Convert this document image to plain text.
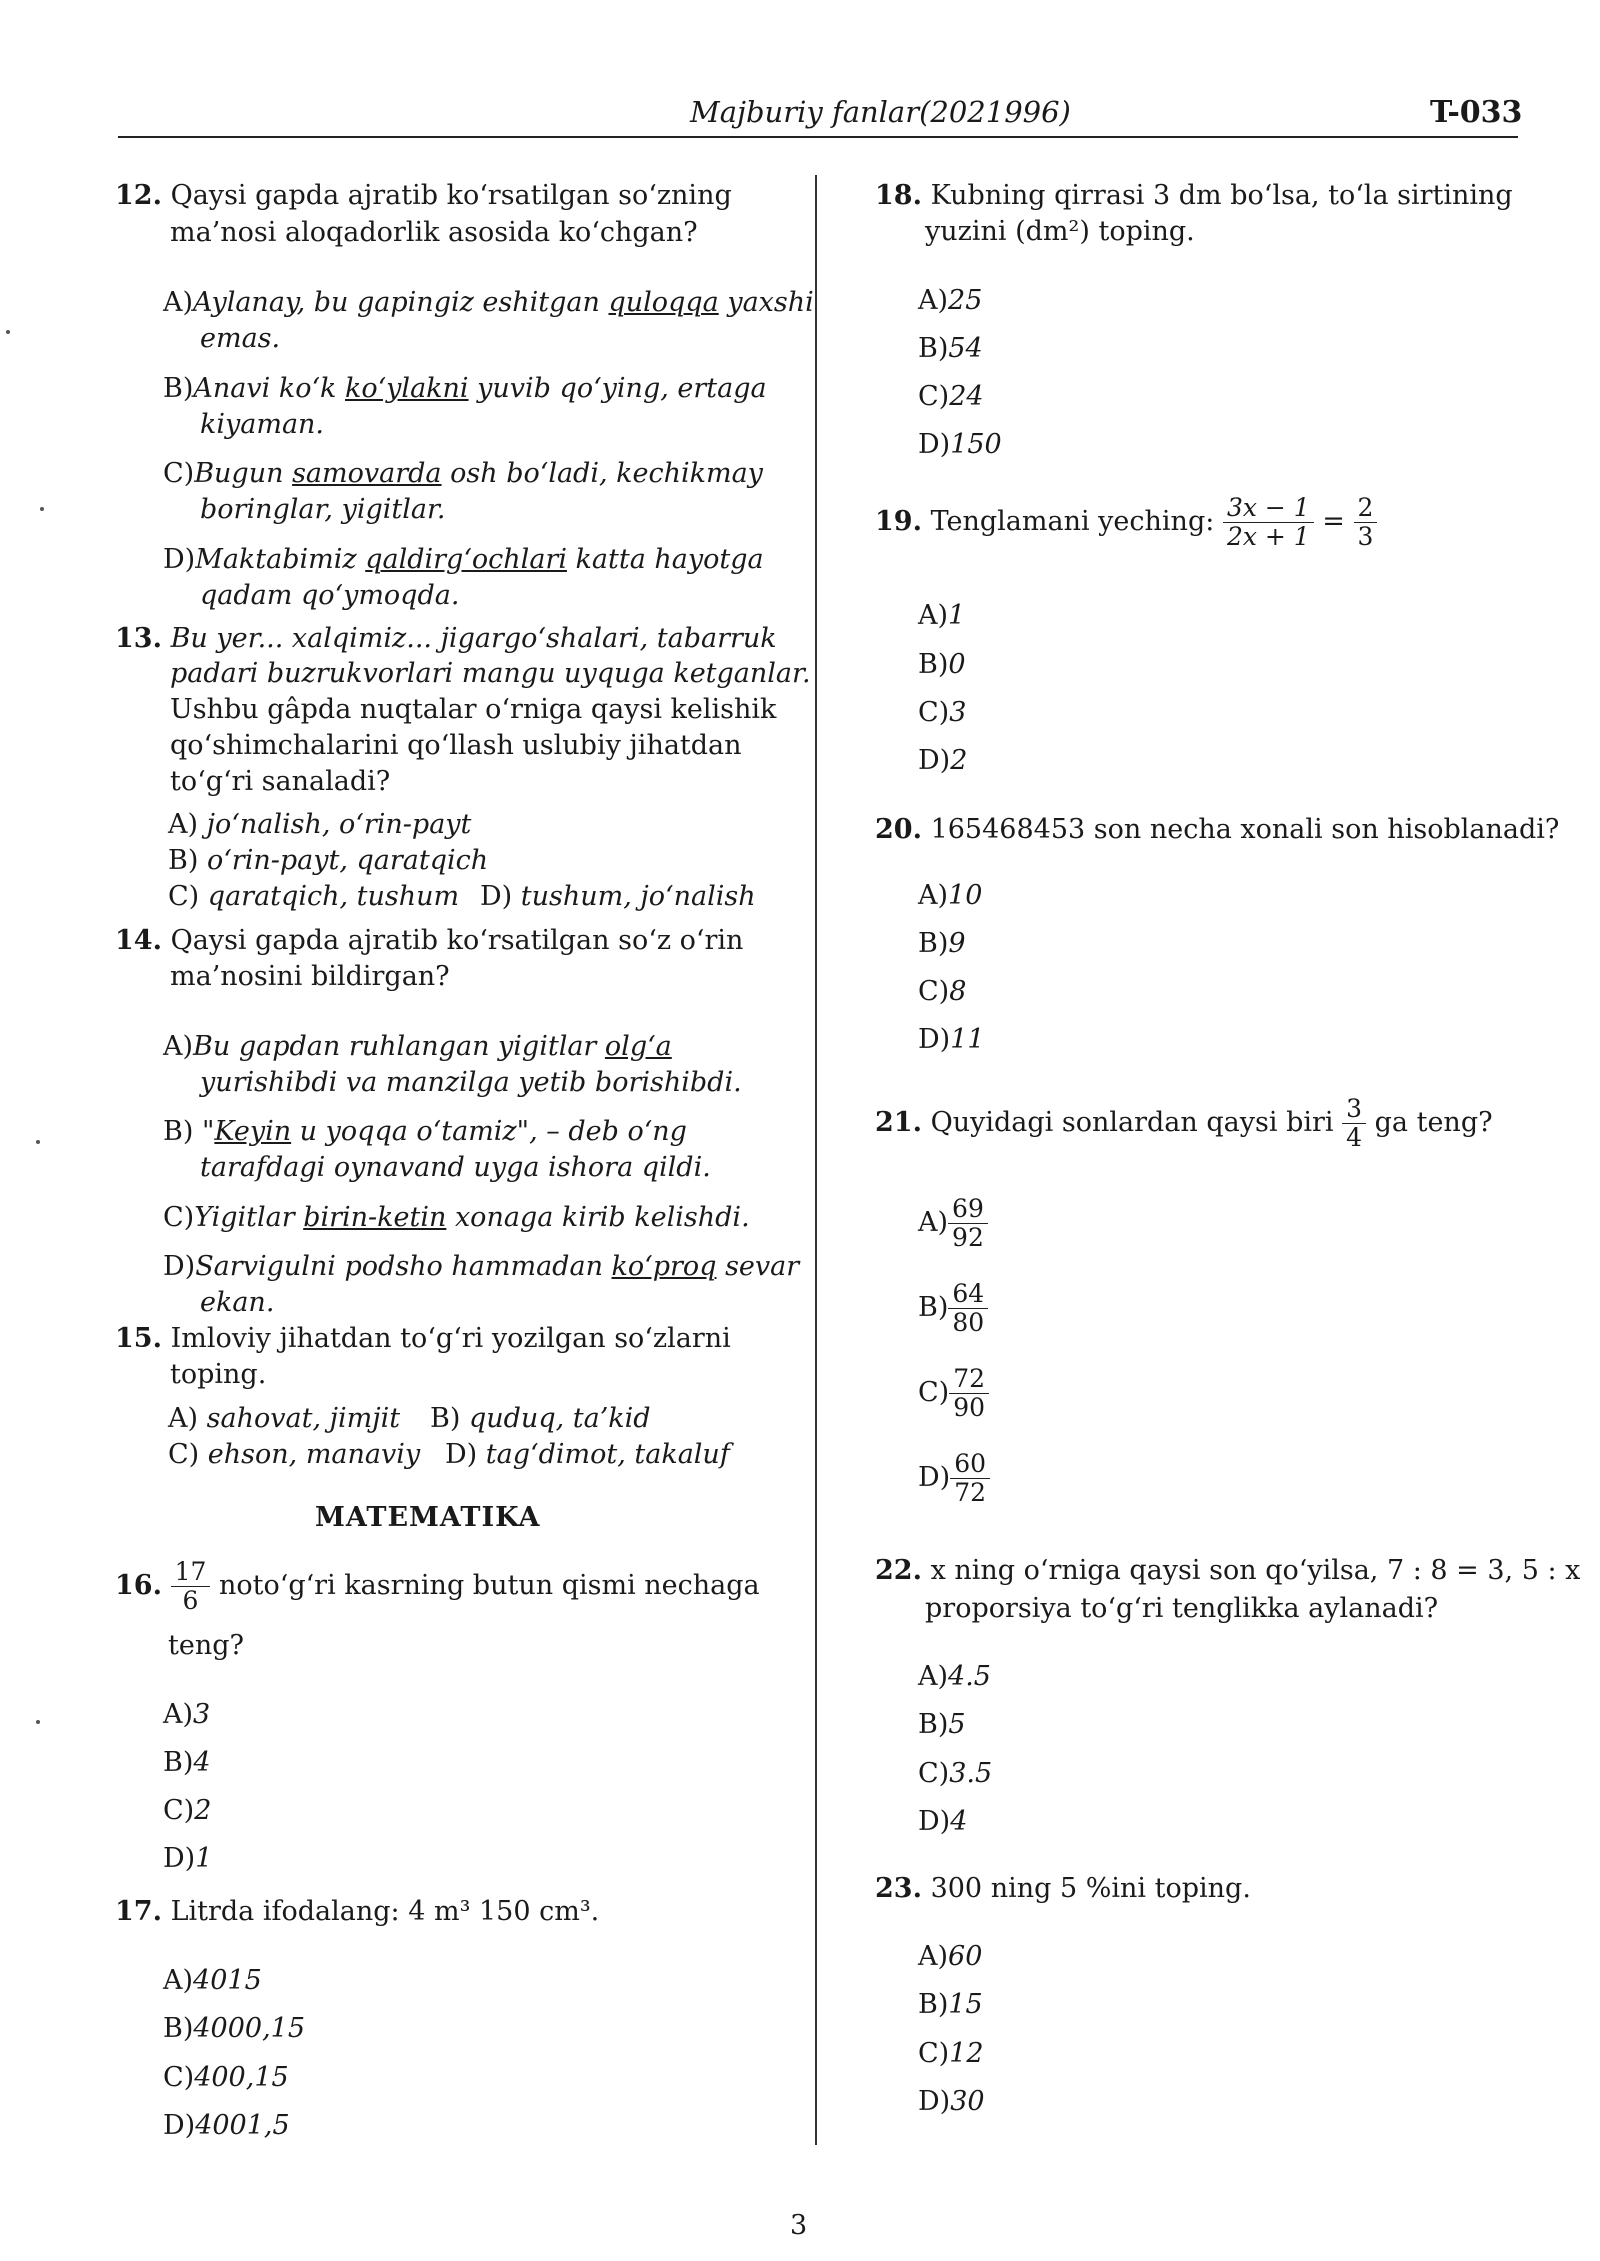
Majburiy fanlar(2021996)	T-033
12. Qaysi gapda ajratib ko‘rsatilgan so‘zning
ma’nosi aloqadorlik asosida ko‘chgan?
A)Aylanay, bu gapingiz eshitgan quloqqa yaxshi
emas.
B)Anavi ko‘k ko‘ylakni yuvib qo‘ying, ertaga
kiyaman.
C)Bugun samovarda osh bo‘ladi, kechikmay
boringlar, yigitlar.
D)Maktabimiz qaldirg‘ochlari katta hayotga
qadam qo‘ymoqda.
13. Bu yer... xalqimiz... jigargo‘shalari, tabarruk
padari buzrukvorlari mangu uyquga ketganlar.
Ushbu gâpda nuqtalar o‘rniga qaysi kelishik
qo‘shimchalarini qo‘llash uslubiy jihatdan
to‘g‘ri sanaladi?
A) jo‘nalish, o‘rin-payt
B) o‘rin-payt, qaratqich
C) qaratqich, tushum D) tushum, jo‘nalish
14. Qaysi gapda ajratib ko‘rsatilgan so‘z o‘rin
ma’nosini bildirgan?
A)Bu gapdan ruhlangan yigitlar olg‘a
yurishibdi va manzilga yetib borishibdi.
B) "Keyin u yoqqa o‘tamiz", – deb o‘ng
tarafdagi oynavand uyga ishora qildi.
C)Yigitlar birin-ketin xonaga kirib kelishdi.
D)Sarvigulni podsho hammadan ko‘proq sevar
ekan.
15. Imloviy jihatdan to‘g‘ri yozilgan so‘zlarni
toping.
A) sahovat, jimjit B) quduq, ta’kid
C) ehson, manaviy D) tag‘dimot, takaluf
MATEMATIKA
16. $\frac{17}{6}$ noto‘g‘ri kasrning butun qismi nechaga
teng?
A)3
B)4
C)2
D)1
17. Litrda ifodalang: 4 m³ 150 cm³.
A)4015
B)4000,15
C)400,15
D)4001,5
18. Kubning qirrasi 3 dm bo‘lsa, to‘la sirtining
yuzini (dm²) toping.
A)25
B)54
C)24
D)150
19. Tenglamani yeching: $\frac{3x - 1}{2x + 1} = \frac{2}{3}$
A)1
B)0
C)3
D)2
20. 165468453 son necha xonali son hisoblanadi?
A)10
B)9
C)8
D)11
21. Quyidagi sonlardan qaysi biri $\frac{3}{4}$ ga teng?
$A) \frac{69}{92}$
$B) \frac{64}{80}$
$C) \frac{72}{90}$
$D) \frac{60}{72}$
22. x ning o‘rniga qaysi son qo‘yilsa, 7 : 8 = 3, 5 : x
proporsiya to‘g‘ri tenglikka aylanadi?
A)4.5
B)5
C)3.5
D)4
23. 300 ning 5 %ini toping.
A)60
B)15
C)12
D)30
3
